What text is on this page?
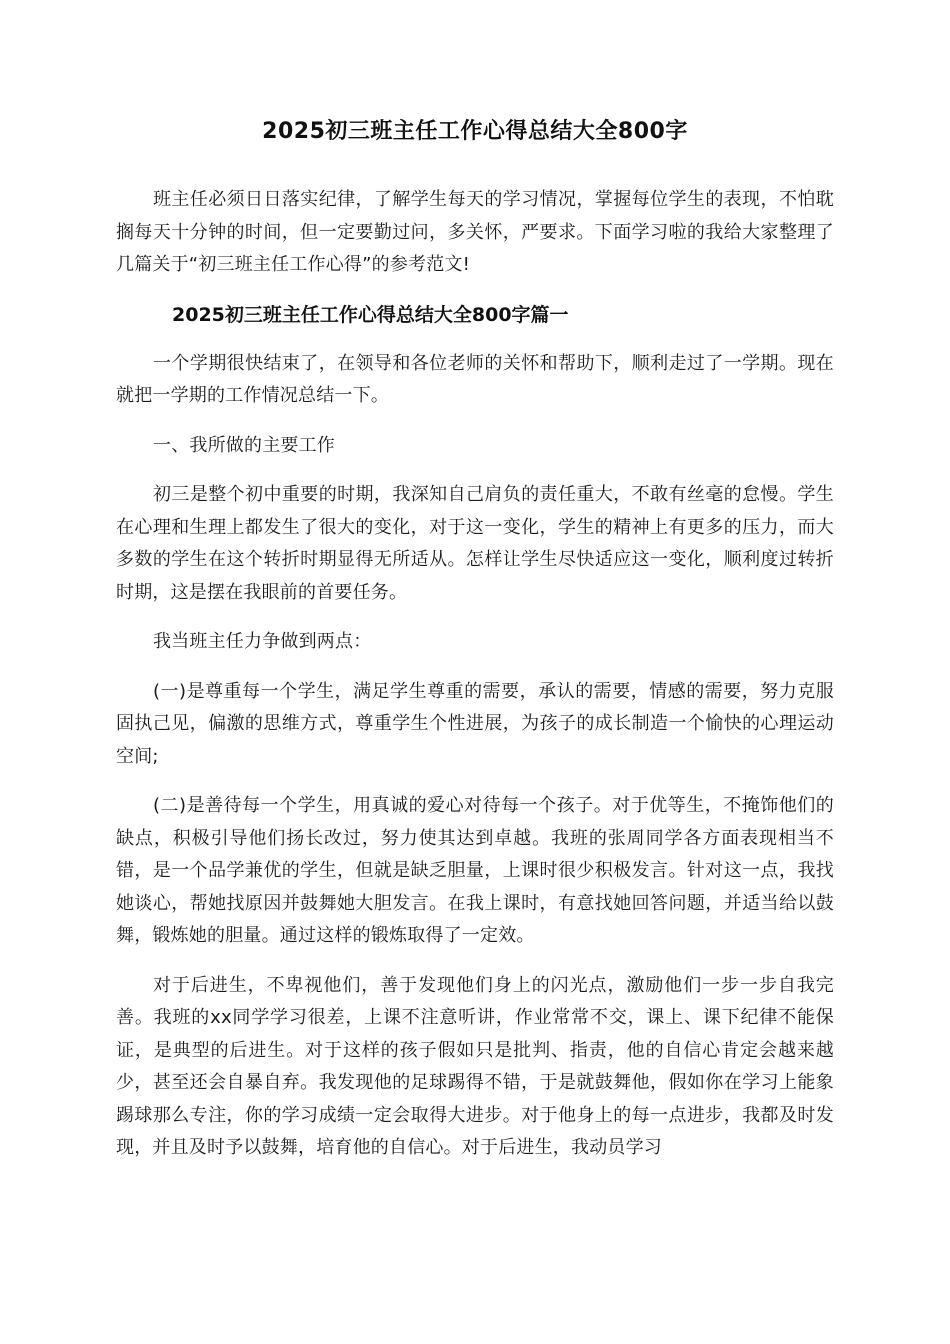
2025初三班主任工作心得总结大全800字

班主任必须日日落实纪律，了解学生每天的学习情况，掌握每位学生的表现，不怕耽搁每天十分钟的时间，但一定要勤过问，多关怀，严要求。下面学习啦的我给大家整理了几篇关于“初三班主任工作心得”的参考范文!

2025初三班主任工作心得总结大全800字篇一

一个学期很快结束了，在领导和各位老师的关怀和帮助下，顺利走过了一学期。现在就把一学期的工作情况总结一下。

一、我所做的主要工作

初三是整个初中重要的时期，我深知自己肩负的责任重大，不敢有丝毫的怠慢。学生在心理和生理上都发生了很大的变化，对于这一变化，学生的精神上有更多的压力，而大多数的学生在这个转折时期显得无所适从。怎样让学生尽快适应这一变化，顺利度过转折时期，这是摆在我眼前的首要任务。

我当班主任力争做到两点：

(一)是尊重每一个学生，满足学生尊重的需要，承认的需要，情感的需要，努力克服固执己见，偏激的思维方式，尊重学生个性进展，为孩子的成长制造一个愉快的心理运动空间;

(二)是善待每一个学生，用真诚的爱心对待每一个孩子。对于优等生，不掩饰他们的缺点，积极引导他们扬长改过，努力使其达到卓越。我班的张周同学各方面表现相当不错，是一个品学兼优的学生，但就是缺乏胆量，上课时很少积极发言。针对这一点，我找她谈心，帮她找原因并鼓舞她大胆发言。在我上课时，有意找她回答问题，并适当给以鼓舞，锻炼她的胆量。通过这样的锻炼取得了一定效。

对于后进生，不卑视他们，善于发现他们身上的闪光点，激励他们一步一步自我完善。我班的xx同学学习很差，上课不注意听讲，作业常常不交，课上、课下纪律不能保证，是典型的后进生。对于这样的孩子假如只是批判、指责，他的自信心肯定会越来越少，甚至还会自暴自弃。我发现他的足球踢得不错，于是就鼓舞他，假如你在学习上能象踢球那么专注，你的学习成绩一定会取得大进步。对于他身上的每一点进步，我都及时发现，并且及时予以鼓舞，培育他的自信心。对于后进生，我动员学习
